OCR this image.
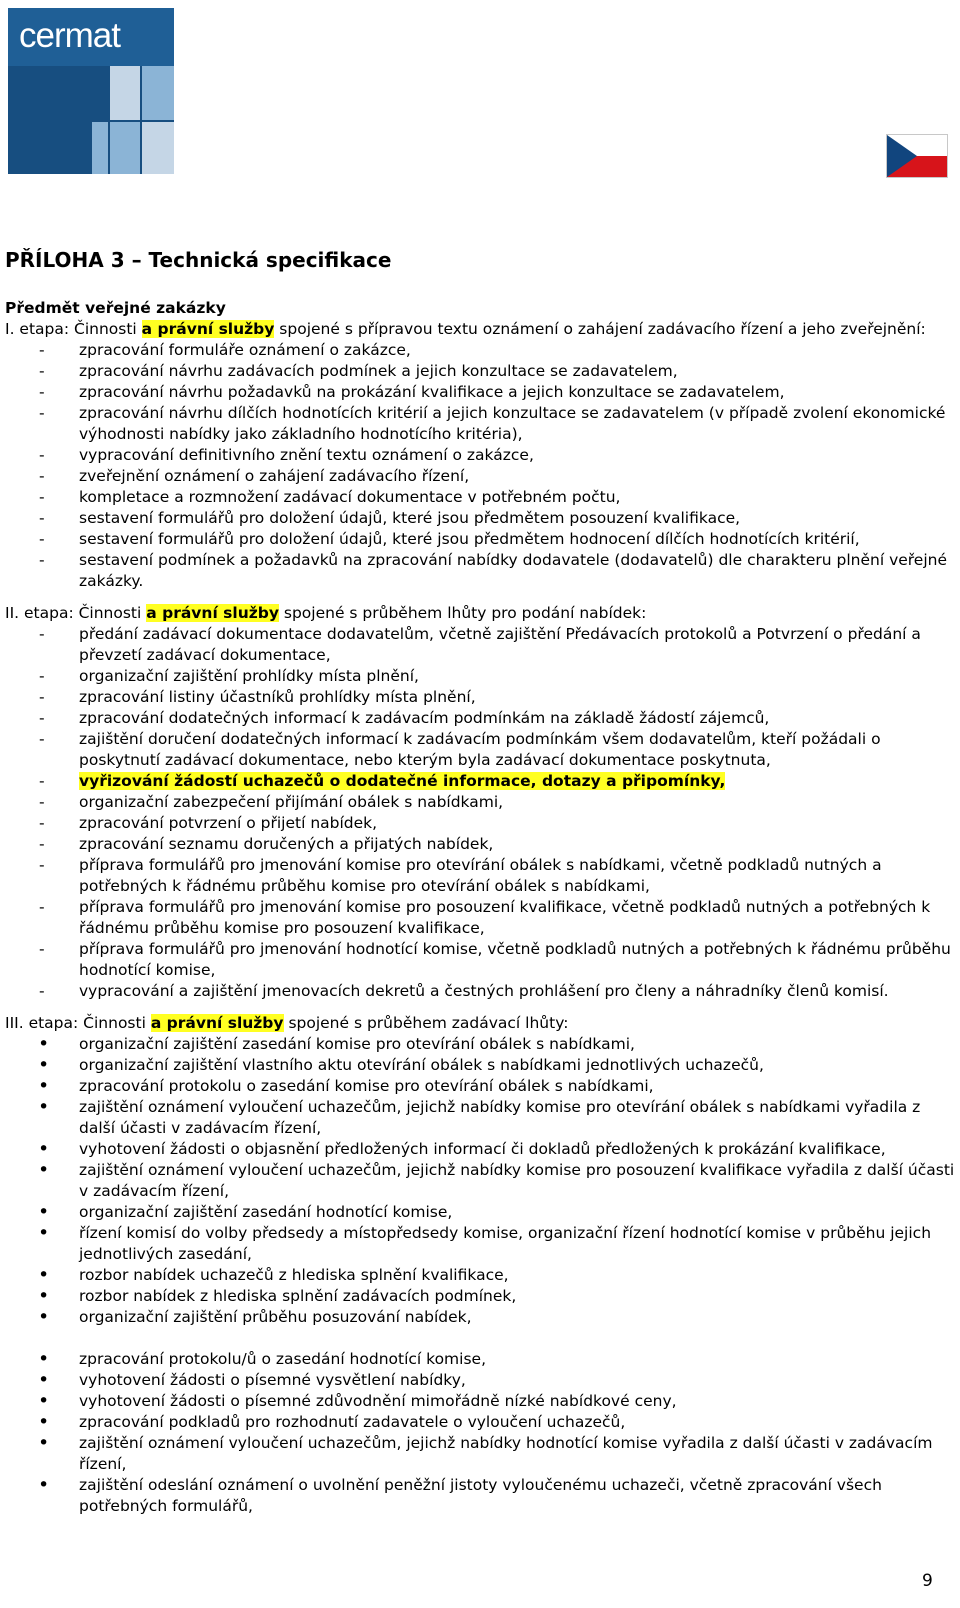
cermat
PŘÍLOHA 3 – Technická specifikace
Předmět veřejné zakázky

I. etapa: Činnosti a právní služby spojené s přípravou textu oznámení o zahájení zadávacího řízení a jeho zveřejnění:

- zpracování formuláře oznámení o zakázce,
- zpracování návrhu zadávacích podmínek a jejich konzultace se zadavatelem,
- zpracování návrhu požadavků na prokázání kvalifikace a jejich konzultace se zadavatelem,
- zpracování návrhu dílčích hodnotících kritérií a jejich konzultace se zadavatelem (v případě zvolení ekonomické výhodnosti nabídky jako základního hodnotícího kritéria),
- vypracování definitivního znění textu oznámení o zakázce,
- zveřejnění oznámení o zahájení zadávacího řízení,
- kompletace a rozmnožení zadávací dokumentace v potřebném počtu,
- sestavení formulářů pro doložení údajů, které jsou předmětem posouzení kvalifikace,
- sestavení formulářů pro doložení údajů, které jsou předmětem hodnocení dílčích hodnotících kritérií,
- sestavení podmínek a požadavků na zpracování nabídky dodavatele (dodavatelů) dle charakteru plnění veřejné zakázky.

II. etapa: Činnosti a právní služby spojené s průběhem lhůty pro podání nabídek:

- předání zadávací dokumentace dodavatelům, včetně zajištění Předávacích protokolů a Potvrzení o předání a převzetí zadávací dokumentace,
- organizační zajištění prohlídky místa plnění,
- zpracování listiny účastníků prohlídky místa plnění,
- zpracování dodatečných informací k zadávacím podmínkám na základě žádostí zájemců,
- zajištění doručení dodatečných informací k zadávacím podmínkám všem dodavatelům, kteří požádali o poskytnutí zadávací dokumentace, nebo kterým byla zadávací dokumentace poskytnuta,
- vyřizování žádostí uchazečů o dodatečné informace, dotazy a připomínky,
- organizační zabezpečení přijímání obálek s nabídkami,
- zpracování potvrzení o přijetí nabídek,
- zpracování seznamu doručených a přijatých nabídek,
- příprava formulářů pro jmenování komise pro otevírání obálek s nabídkami, včetně podkladů nutných a potřebných k řádnému průběhu komise pro otevírání obálek s nabídkami,
- příprava formulářů pro jmenování komise pro posouzení kvalifikace, včetně podkladů nutných a potřebných k řádnému průběhu komise pro posouzení kvalifikace,
- příprava formulářů pro jmenování hodnotící komise, včetně podkladů nutných a potřebných k řádnému průběhu hodnotící komise,
- vypracování a zajištění jmenovacích dekretů a čestných prohlášení pro členy a náhradníky členů komisí.

III. etapa: Činnosti a právní služby spojené s průběhem zadávací lhůty:

• organizační zajištění zasedání komise pro otevírání obálek s nabídkami,
• organizační zajištění vlastního aktu otevírání obálek s nabídkami jednotlivých uchazečů,
• zpracování protokolu o zasedání komise pro otevírání obálek s nabídkami,
• zajištění oznámení vyloučení uchazečům, jejichž nabídky komise pro otevírání obálek s nabídkami vyřadila z další účasti v zadávacím řízení,
• vyhotovení žádosti o objasnění předložených informací či dokladů předložených k prokázání kvalifikace,
• zajištění oznámení vyloučení uchazečům, jejichž nabídky komise pro posouzení kvalifikace vyřadila z další účasti v zadávacím řízení,
• organizační zajištění zasedání hodnotící komise,
• řízení komisí do volby předsedy a místopředsedy komise, organizační řízení hodnotící komise v průběhu jejich jednotlivých zasedání,
• rozbor nabídek uchazečů z hlediska splnění kvalifikace,
• rozbor nabídek z hlediska splnění zadávacích podmínek,
• organizační zajištění průběhu posuzování nabídek,
• zpracování protokolu/ů o zasedání hodnotící komise,
• vyhotovení žádosti o písemné vysvětlení nabídky,
• vyhotovení žádosti o písemné zdůvodnění mimořádně nízké nabídkové ceny,
• zpracování podkladů pro rozhodnutí zadavatele o vyloučení uchazečů,
• zajištění oznámení vyloučení uchazečům, jejichž nabídky hodnotící komise vyřadila z další účasti v zadávacím řízení,
• zajištění odeslání oznámení o uvolnění peněžní jistoty vyloučenému uchazeči, včetně zpracování všech potřebných formulářů,
9
